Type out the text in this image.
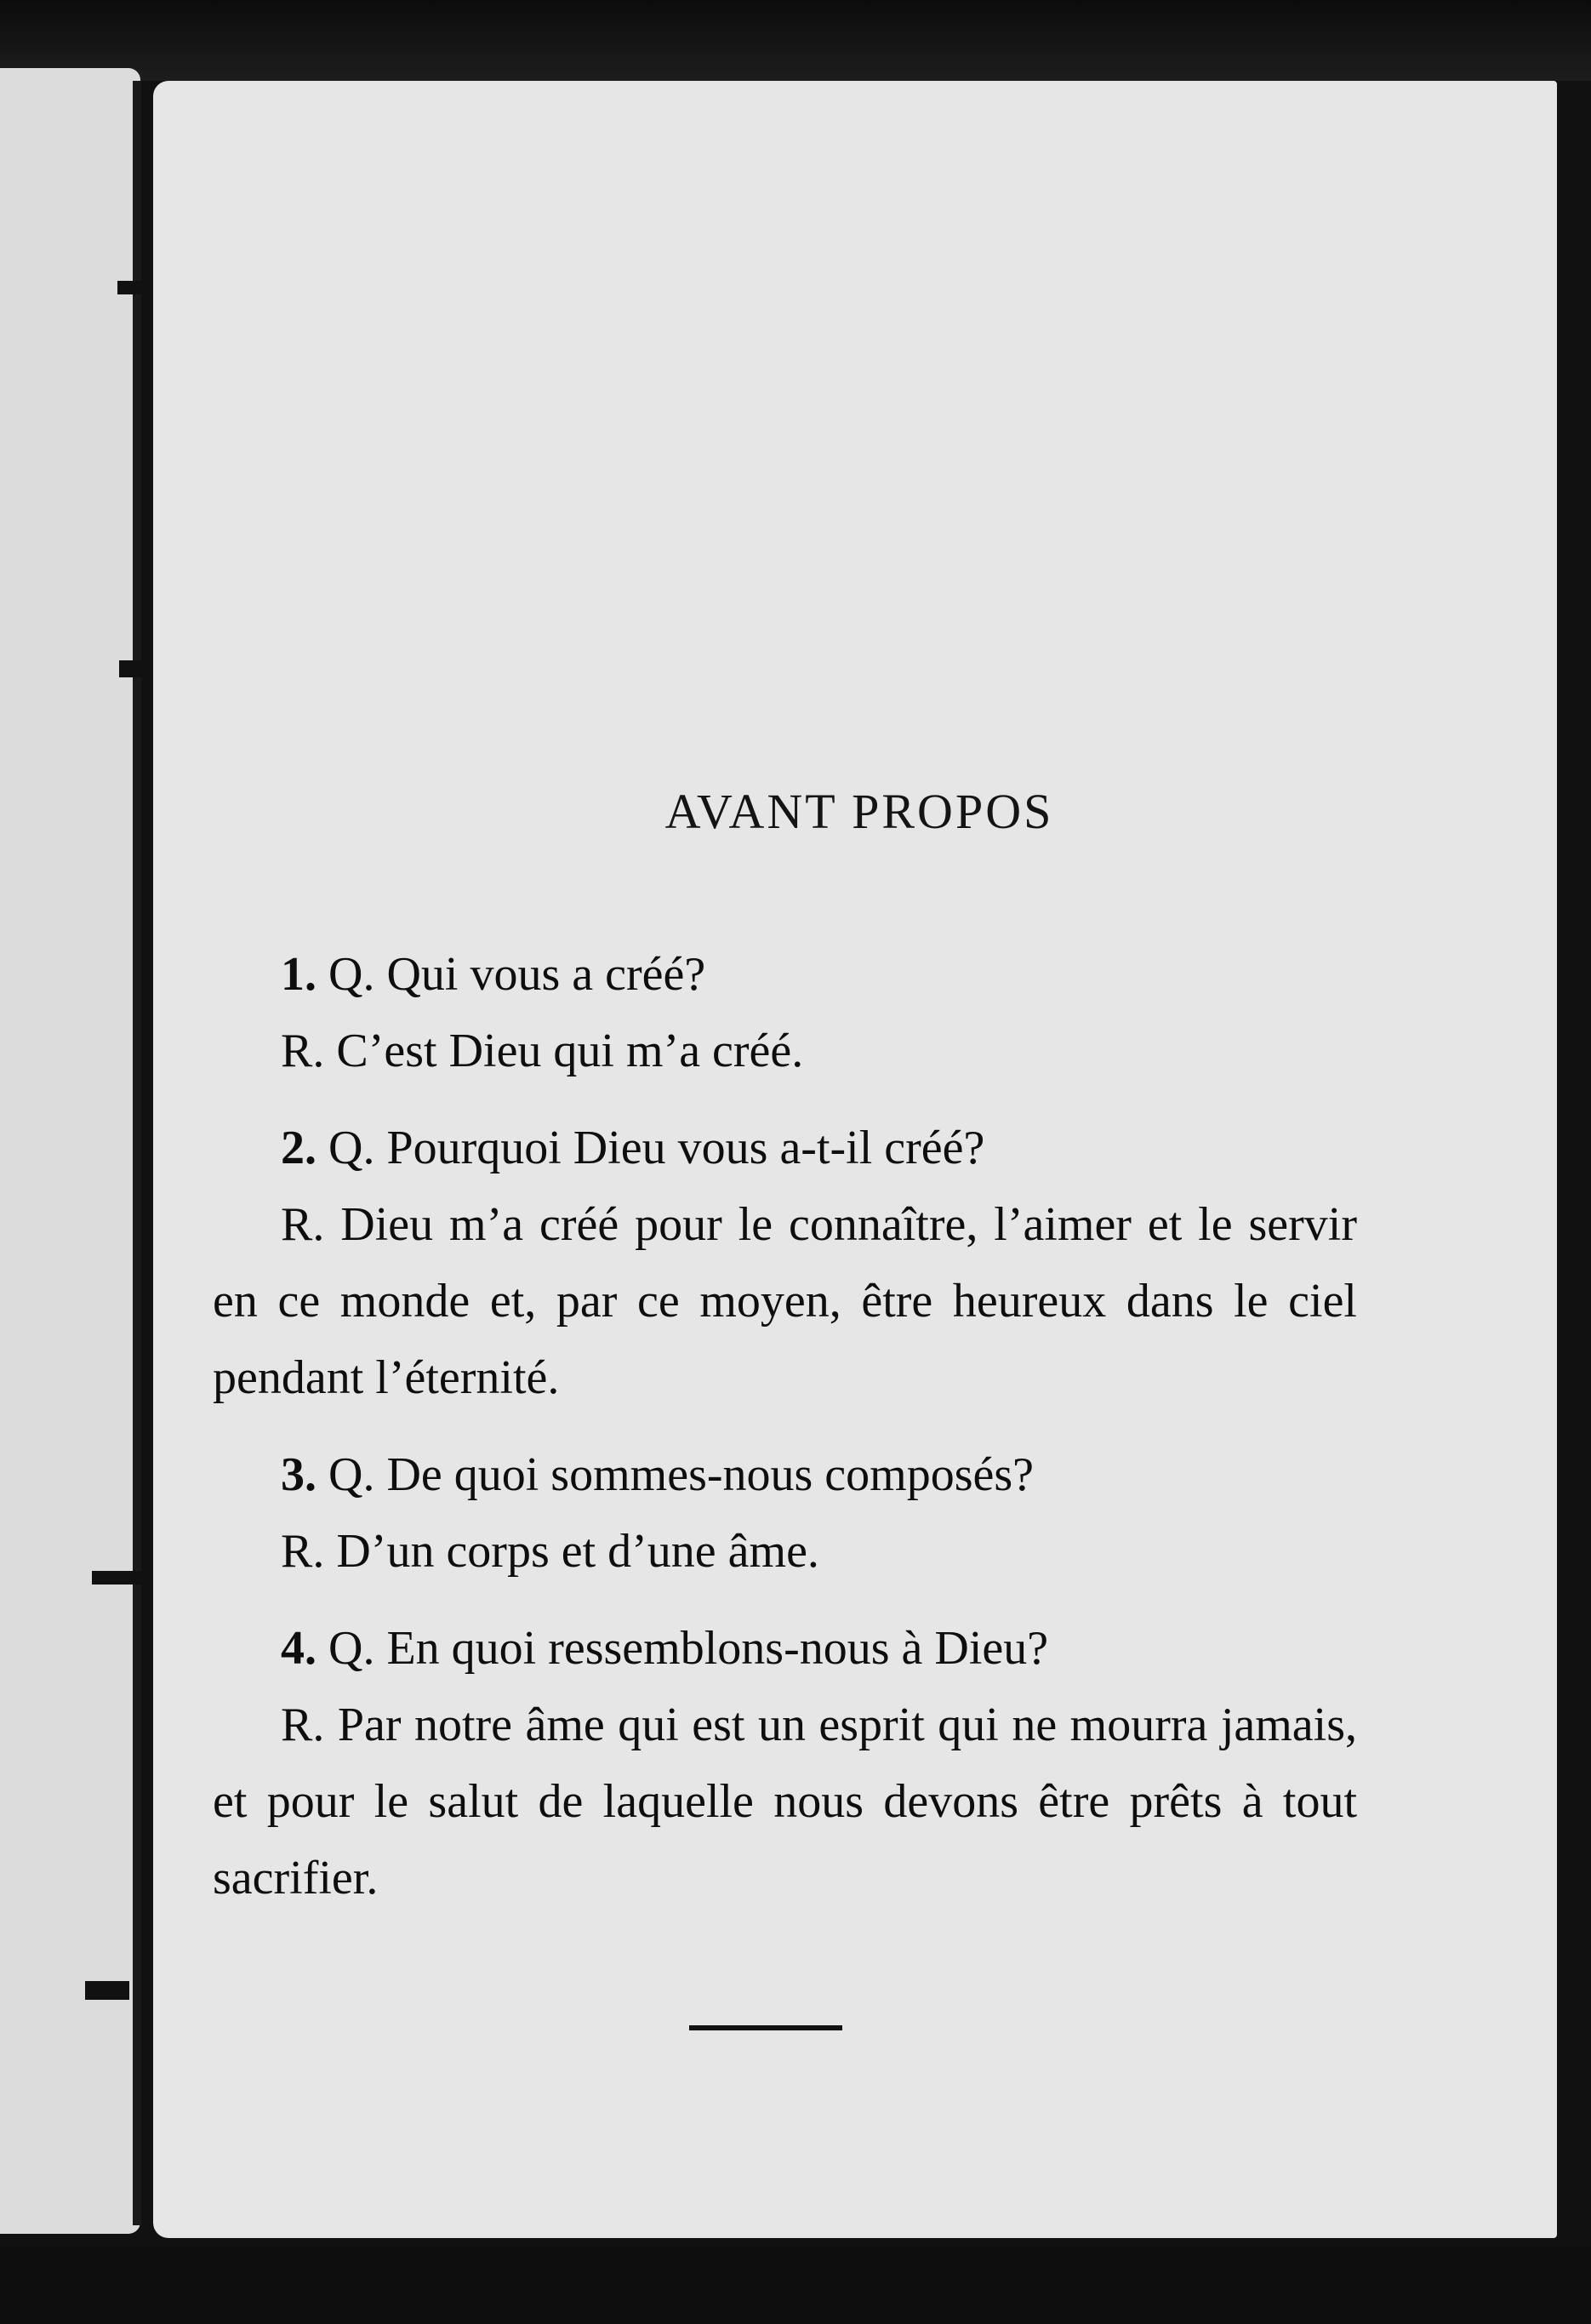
AVANT PROPOS

1. Q. Qui vous a créé?

R. C’est Dieu qui m’a créé.

2. Q. Pourquoi Dieu vous a-t-il créé?

R. Dieu m’a créé pour le connaître, l’aimer et le servir en ce monde et, par ce moyen, être heureux dans le ciel pendant l’éternité.

3. Q. De quoi sommes-nous composés?

R. D’un corps et d’une âme.

4. Q. En quoi ressemblons-nous à Dieu?

R. Par notre âme qui est un esprit qui ne mourra jamais, et pour le salut de laquelle nous devons être prêts à tout sacrifier.
